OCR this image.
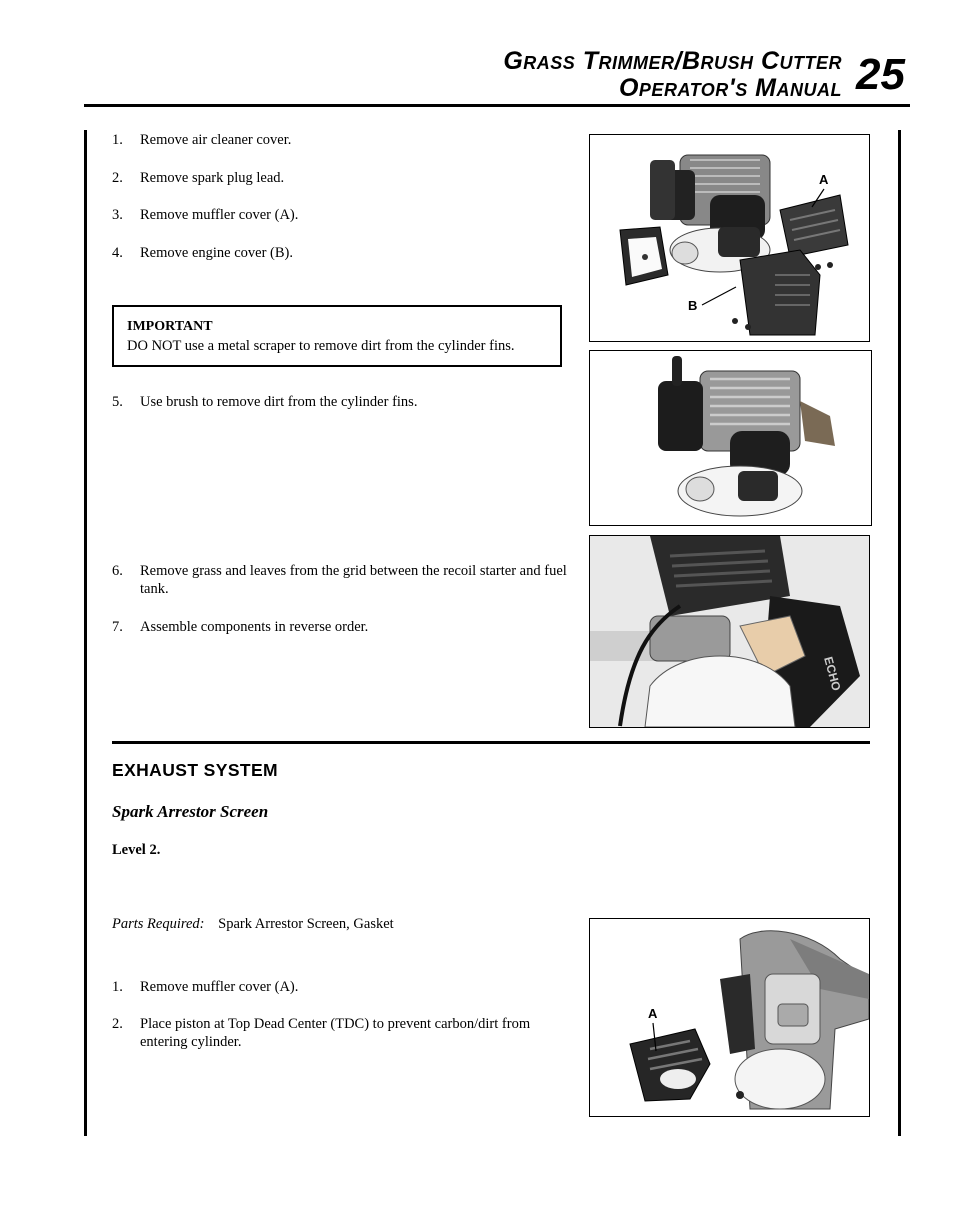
Grass Trimmer/Brush Cutter
Operator's Manual 25
1.	Remove air cleaner cover.
2.	Remove spark plug lead.
3.	Remove muffler cover (A).
4.	Remove engine cover (B).
IMPORTANT
DO NOT use a metal scraper to remove dirt from the cylinder fins.
5.	Use brush to remove dirt from the cylinder fins.
6.	Remove grass and leaves from the grid between the recoil starter and fuel tank.
7.	Assemble components in reverse order.
A
B
ECHO
EXHAUST SYSTEM
Spark Arrestor Screen
Level 2.
Parts Required: Spark Arrestor Screen, Gasket
1.	Remove muffler cover (A).
2.	Place piston at Top Dead Center (TDC) to prevent carbon/dirt from entering cylinder.
A
